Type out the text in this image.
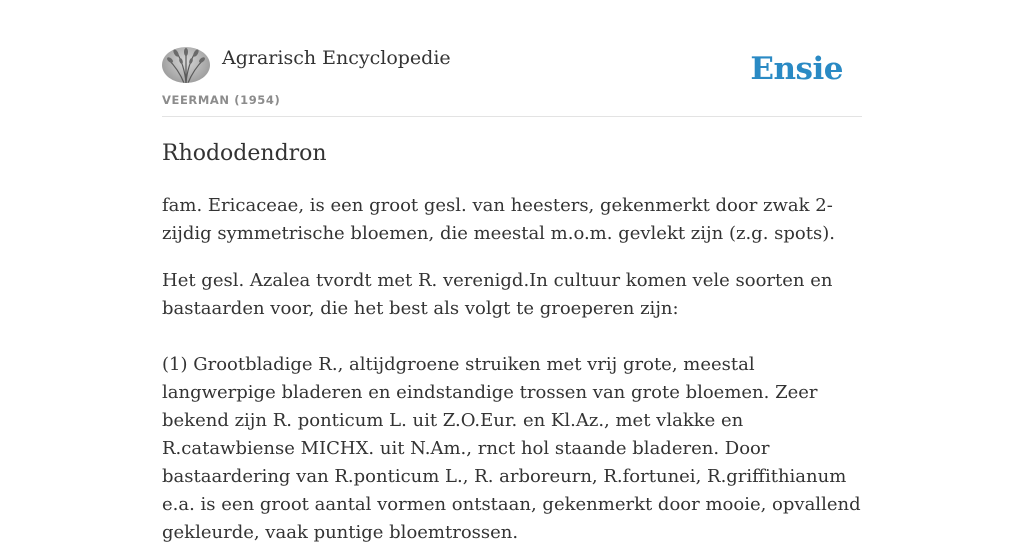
Agrarisch Encyclopedie
VEERMAN (1954)
Ensie
Rhododendron

fam. Ericaceae, is een groot gesl. van heesters, gekenmerkt door zwak 2-zijdig symmetrische bloemen, die meestal m.o.m. gevlekt zijn (z.g. spots).

Het gesl. Azalea tvordt met R. verenigd.In cultuur komen vele soorten en bastaarden voor, die het best als volgt te groeperen zijn:

(1) Grootbladige R., altijdgroene struiken met vrij grote, meestal langwerpige bladeren en eindstandige trossen van grote bloemen. Zeer bekend zijn R. ponticum L. uit Z.O.Eur. en Kl.Az., met vlakke en R.catawbiense MICHX. uit N.Am., rnct hol staande bladeren. Door bastaardering van R.ponticum L., R. arboreurn, R.fortunei, R.griffithianum e.a. is een groot aantal vormen ontstaan, gekenmerkt door mooie, opvallend gekleurde, vaak puntige bloemtrossen.
